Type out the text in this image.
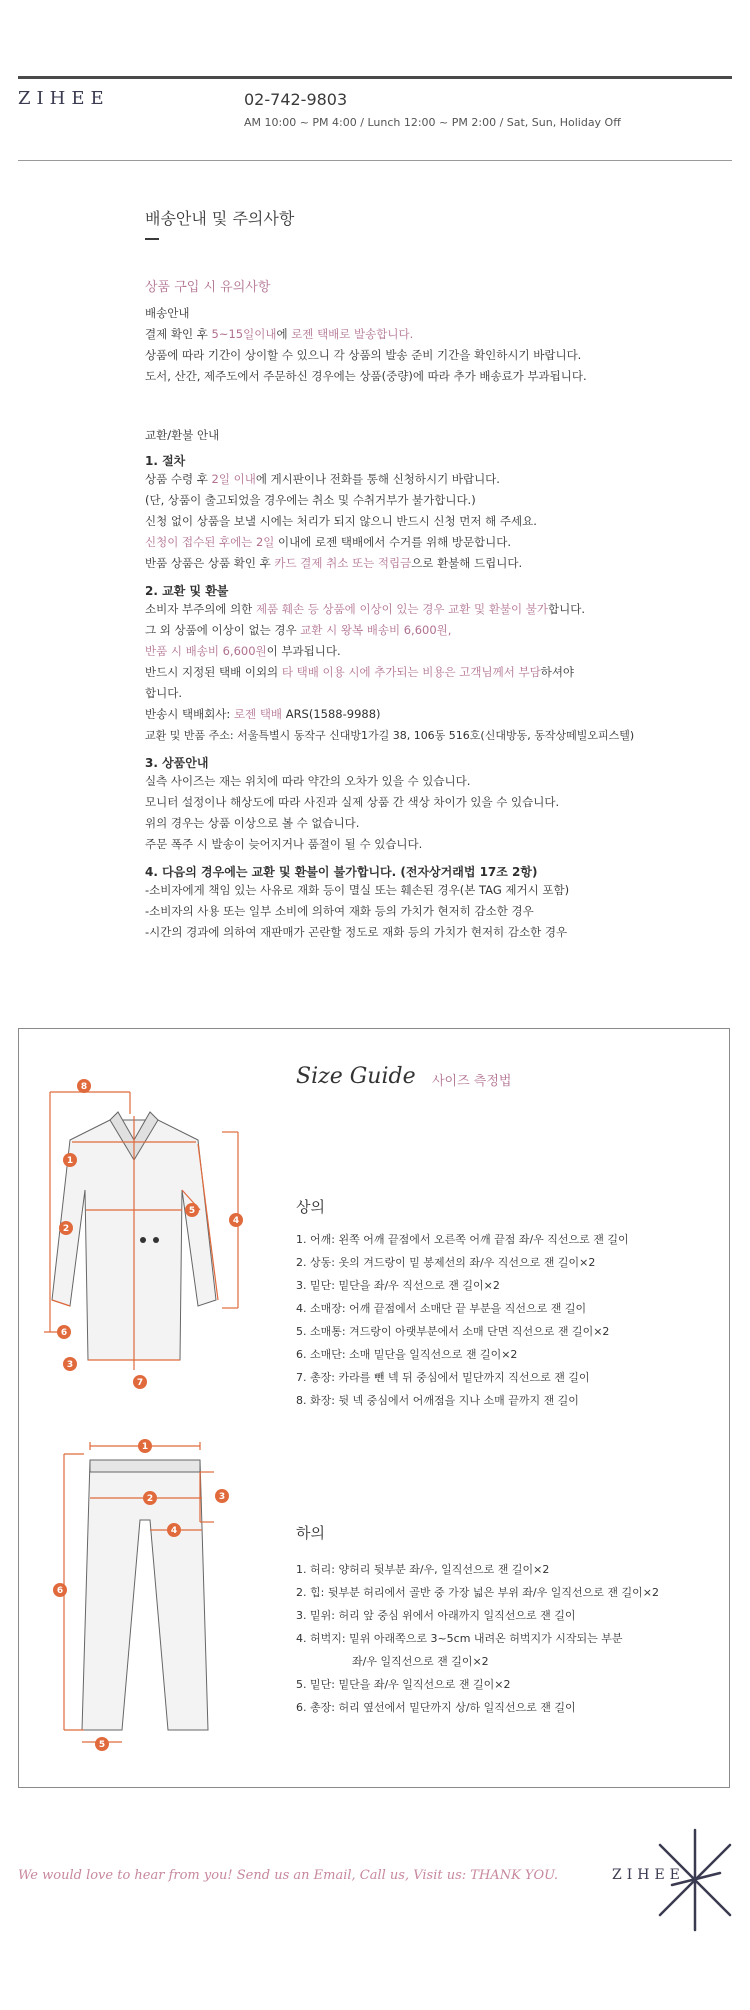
ZIHEE	02-742-9803
AM 10:00 ~ PM 4:00 / Lunch 12:00 ~ PM 2:00 / Sat, Sun, Holiday Off
배송안내 및 주의사항
상품 구입 시 유의사항
배송안내
결제 확인 후 5~15일이내에 로젠 택배로 발송합니다.
상품에 따라 기간이 상이할 수 있으니 각 상품의 발송 준비 기간을 확인하시기 바랍니다.
도서, 산간, 제주도에서 주문하신 경우에는 상품(중량)에 따라 추가 배송료가 부과됩니다.
교환/환불 안내
1. 절차
상품 수령 후 2일 이내에 게시판이나 전화를 통해 신청하시기 바랍니다.
(단, 상품이 출고되었을 경우에는 취소 및 수취거부가 불가합니다.)
신청 없이 상품을 보낼 시에는 처리가 되지 않으니 반드시 신청 먼저 해 주세요.
신청이 접수된 후에는 2일 이내에 로젠 택배에서 수거를 위해 방문합니다.
반품 상품은 상품 확인 후 카드 결제 취소 또는 적립금으로 환불해 드립니다.
2. 교환 및 환불
소비자 부주의에 의한 제품 훼손 등 상품에 이상이 있는 경우 교환 및 환불이 불가합니다.
그 외 상품에 이상이 없는 경우 교환 시 왕복 배송비 6,600원,
반품 시 배송비 6,600원이 부과됩니다.
반드시 지정된 택배 이외의 타 택배 이용 시에 추가되는 비용은 고객님께서 부담하셔야
합니다.
반송시 택배회사: 로젠 택배 ARS(1588-9988)
교환 및 반품 주소: 서울특별시 동작구 신대방1가길 38, 106동 516호(신대방동, 동작상떼빌오피스텔)
3. 상품안내
실측 사이즈는 재는 위치에 따라 약간의 오차가 있을 수 있습니다.
모니터 설정이나 해상도에 따라 사진과 실제 상품 간 색상 차이가 있을 수 있습니다.
위의 경우는 상품 이상으로 볼 수 없습니다.
주문 폭주 시 발송이 늦어지거나 품절이 될 수 있습니다.
4. 다음의 경우에는 교환 및 환불이 불가합니다. (전자상거래법 17조 2항)
-소비자에게 책임 있는 사유로 재화 등이 멸실 또는 훼손된 경우(본 TAG 제거시 포함)
-소비자의 사용 또는 일부 소비에 의하여 재화 등의 가치가 현저히 감소한 경우
-시간의 경과에 의하여 재판매가 곤란할 정도로 재화 등의 가치가 현저히 감소한 경우
Size Guide 사이즈 측정법
8
1
5
2
4
6
3
7
1
2	3
4
6
5
상의
1. 어깨: 왼쪽 어깨 끝점에서 오른쪽 어깨 끝점 좌/우 직선으로 잰 길이
2. 상동: 옷의 겨드랑이 밑 봉제선의 좌/우 직선으로 잰 길이×2
3. 밑단: 밑단을 좌/우 직선으로 잰 길이×2
4. 소매장: 어깨 끝점에서 소매단 끝 부분을 직선으로 잰 길이
5. 소매통: 겨드랑이 아랫부분에서 소매 단면 직선으로 잰 길이×2
6. 소매단: 소매 밑단을 일직선으로 잰 길이×2
7. 총장: 카라를 뺀 넥 뒤 중심에서 밑단까지 직선으로 잰 길이
8. 화장: 뒷 넥 중심에서 어깨점을 지나 소매 끝까지 잰 길이
하의
1. 허리: 양허리 뒷부분 좌/우, 일직선으로 잰 길이×2
2. 힙: 뒷부분 허리에서 골반 중 가장 넓은 부위 좌/우 일직선으로 잰 길이×2
3. 밑위: 허리 앞 중심 위에서 아래까지 일직선으로 잰 길이
4. 허벅지: 밑위 아래쪽으로 3~5cm 내려온 허벅지가 시작되는 부분
좌/우 일직선으로 잰 길이×2
5. 밑단: 밑단을 좌/우 일직선으로 잰 길이×2
6. 총장: 허리 옆선에서 밑단까지 상/하 일직선으로 잰 길이
We would love to hear from you! Send us an Email, Call us, Visit us: THANK YOU.	ZIHEE
